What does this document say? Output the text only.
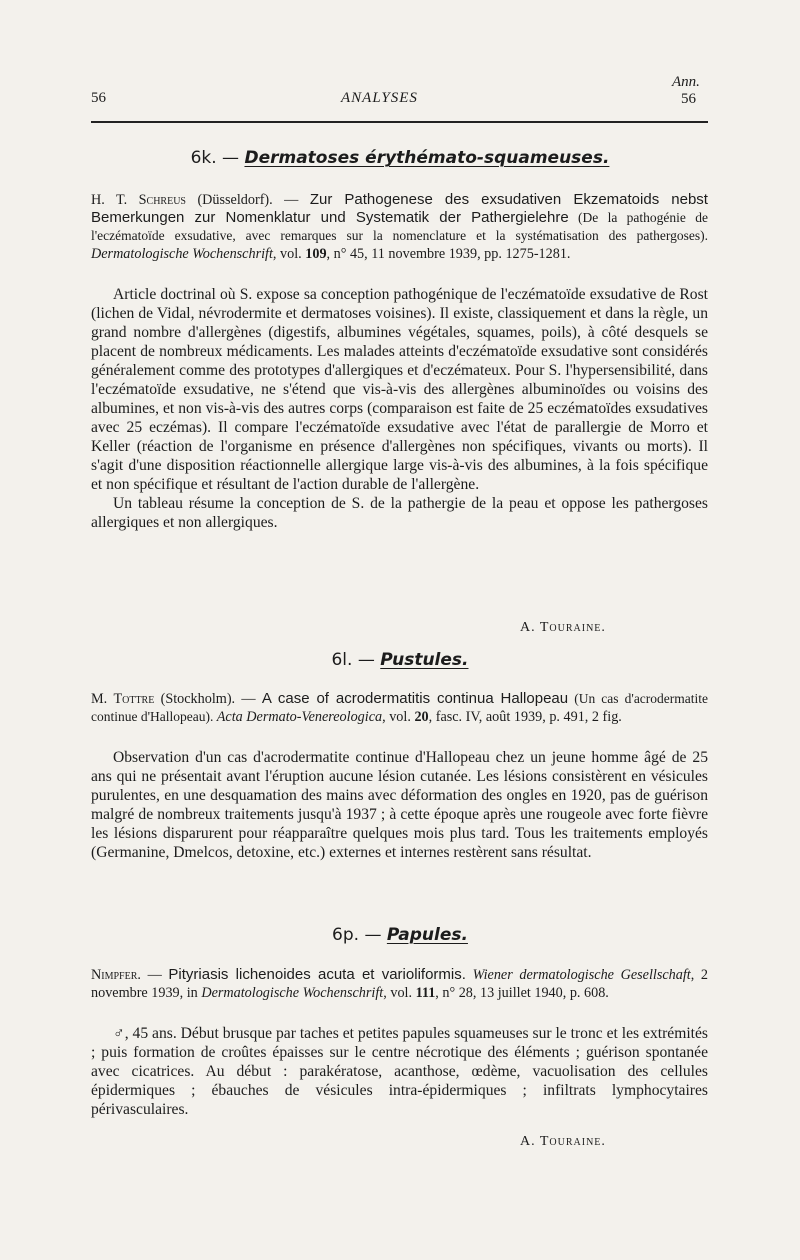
56	ANALYSES
Ann.
56
6k. — Dermatoses érythémato-squameuses.
H. T. Schreus (Düsseldorf). — Zur Pathogenese des exsudativen Ekzematoids nebst Bemerkungen zur Nomenklatur und Systematik der Pathergielehre (De la pathogénie de l'eczématoïde exsudative, avec remarques sur la nomenclature et la systématisation des pathergoses). Dermatologische Wochenschrift, vol. 109, n° 45, 11 novembre 1939, pp. 1275-1281.

Article doctrinal où S. expose sa conception pathogénique de l'eczématoïde exsudative de Rost (lichen de Vidal, névrodermite et dermatoses voisines). Il existe, classiquement et dans la règle, un grand nombre d'allergènes (digestifs, albumines végétales, squames, poils), à côté desquels se placent de nombreux médicaments. Les malades atteints d'eczématoïde exsudative sont considérés généralement comme des prototypes d'allergiques et d'eczémateux. Pour S. l'hypersensibilité, dans l'eczématoïde exsudative, ne s'étend que vis-à-vis des allergènes albuminoïdes ou voisins des albumines, et non vis-à-vis des autres corps (comparaison est faite de 25 eczématoïdes exsudatives avec 25 eczémas). Il compare l'eczématoïde exsudative avec l'état de parallergie de Morro et Keller (réaction de l'organisme en présence d'allergènes non spécifiques, vivants ou morts). Il s'agit d'une disposition réactionnelle allergique large vis-à-vis des albumines, à la fois spécifique et non spécifique et résultant de l'action durable de l'allergène.

Un tableau résume la conception de S. de la pathergie de la peau et oppose les pathergoses allergiques et non allergiques.

A. Touraine.
6l. — Pustules.
M. Tottre (Stockholm). — A case of acrodermatitis continua Hallopeau (Un cas d'acrodermatite continue d'Hallopeau). Acta Dermato-Venereologica, vol. 20, fasc. IV, août 1939, p. 491, 2 fig.

Observation d'un cas d'acrodermatite continue d'Hallopeau chez un jeune homme âgé de 25 ans qui ne présentait avant l'éruption aucune lésion cutanée. Les lésions consistèrent en vésicules purulentes, en une desquamation des mains avec déformation des ongles en 1920, pas de guérison malgré de nombreux traitements jusqu'à 1937 ; à cette époque après une rougeole avec forte fièvre les lésions disparurent pour réapparaître quelques mois plus tard. Tous les traitements employés (Germanine, Dmelcos, detoxine, etc.) externes et internes restèrent sans résultat.

6p. — Papules.
Nimpfer. — Pityriasis lichenoides acuta et varioliformis. Wiener dermatologische Gesellschaft, 2 novembre 1939, in Dermatologische Wochenschrift, vol. 111, n° 28, 13 juillet 1940, p. 608.

♂, 45 ans. Début brusque par taches et petites papules squameuses sur le tronc et les extrémités ; puis formation de croûtes épaisses sur le centre nécrotique des éléments ; guérison spontanée avec cicatrices. Au début : parakératose, acanthose, œdème, vacuolisation des cellules épidermiques ; ébauches de vésicules intra-épidermiques ; infiltrats lymphocytaires périvasculaires.

A. Touraine.
